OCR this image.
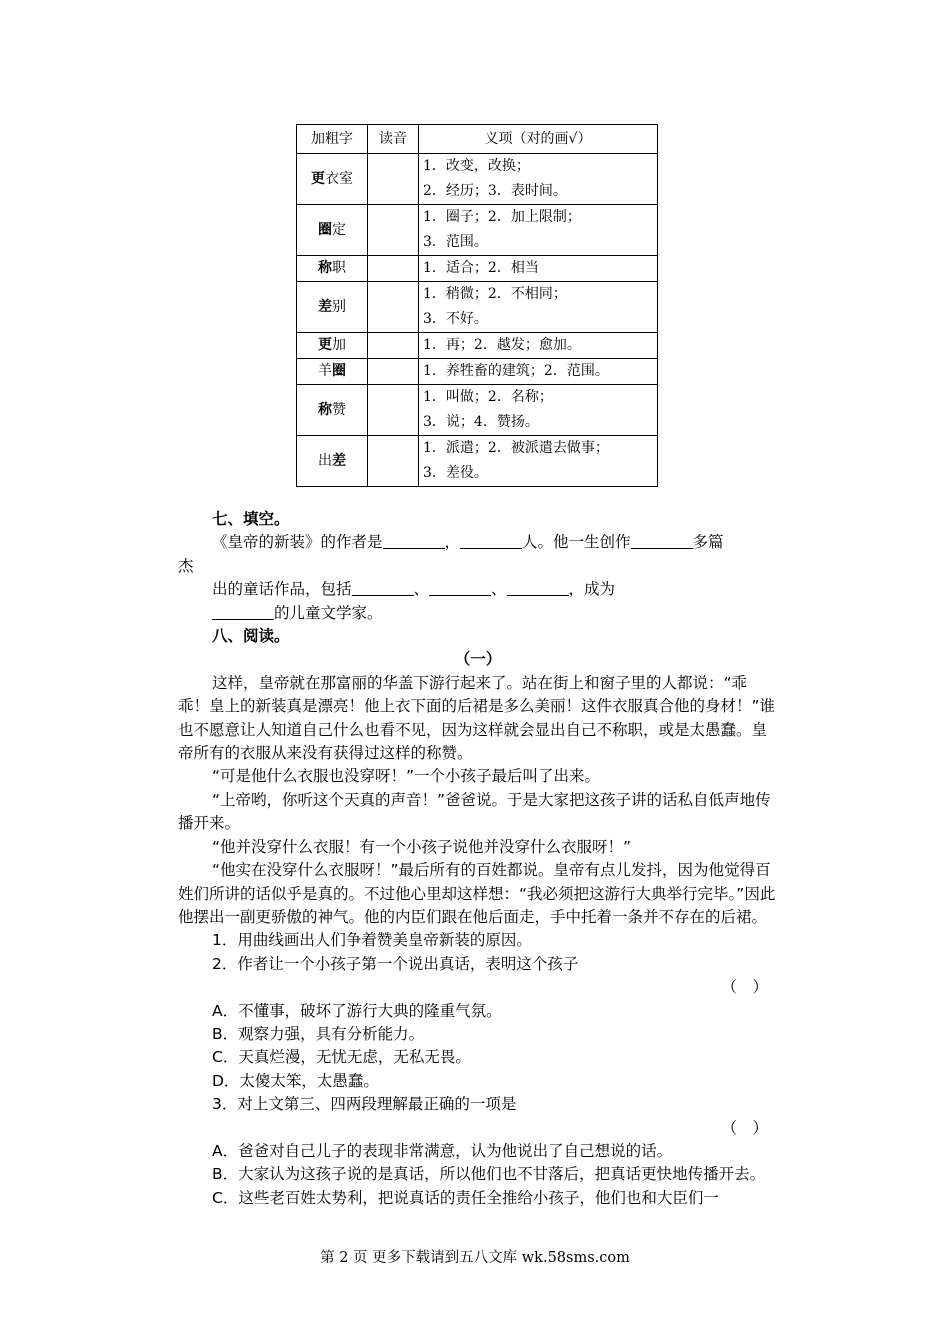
加粗字	读音	义项（对的画√）
更衣室		1．改变，改换；
2．经历；3．表时间。

圈定		1．圈子；2．加上限制；
3．范围。

称职		1．适合；2．相当

差别		1．稍微；2．不相同；
3．不好。

更加		1．再；2．越发；愈加。

羊圈		1．养牲畜的建筑；2．范围。

称赞		1．叫做；2．名称；
3．说；4．赞扬。

出差		1．派遣；2．被派遣去做事；
3．差役。

七、填空。

《皇帝的新装》的作者是	，	人。他一生创作	多篇

杰

出的童话作品，包括	、	、	，成为

的儿童文学家。

八、阅读。

（一）

这样，皇帝就在那富丽的华盖下游行起来了。站在街上和窗子里的人都说：“乖乖！皇上的新装真是漂亮！他上衣下面的后裙是多么美丽！这件衣服真合他的身材！”谁也不愿意让人知道自己什么也看不见，因为这样就会显出自己不称职，或是太愚蠢。皇帝所有的衣服从来没有获得过这样的称赞。

“可是他什么衣服也没穿呀！”一个小孩子最后叫了出来。

“上帝哟，你听这个天真的声音！”爸爸说。于是大家把这孩子讲的话私自低声地传播开来。

“他并没穿什么衣服！有一个小孩子说他并没穿什么衣服呀！”

“他实在没穿什么衣服呀！”最后所有的百姓都说。皇帝有点儿发抖，因为他觉得百姓们所讲的话似乎是真的。不过他心里却这样想：“我必须把这游行大典举行完毕。”因此他摆出一副更骄傲的神气。他的内臣们跟在他后面走，手中托着一条并不存在的后裙。

1．用曲线画出人们争着赞美皇帝新装的原因。

2．作者让一个小孩子第一个说出真话，表明这个孩子

（　）

A．不懂事，破坏了游行大典的隆重气氛。

B．观察力强，具有分析能力。

C．天真烂漫，无忧无虑，无私无畏。

D．太傻太笨，太愚蠢。

3．对上文第三、四两段理解最正确的一项是

（　）

A．爸爸对自己儿子的表现非常满意，认为他说出了自己想说的话。

B．大家认为这孩子说的是真话，所以他们也不甘落后，把真话更快地传播开去。

C．这些老百姓太势利，把说真话的责任全推给小孩子，他们也和大臣们一

第 2 页 更多下载请到五八文库 wk.58sms.com
